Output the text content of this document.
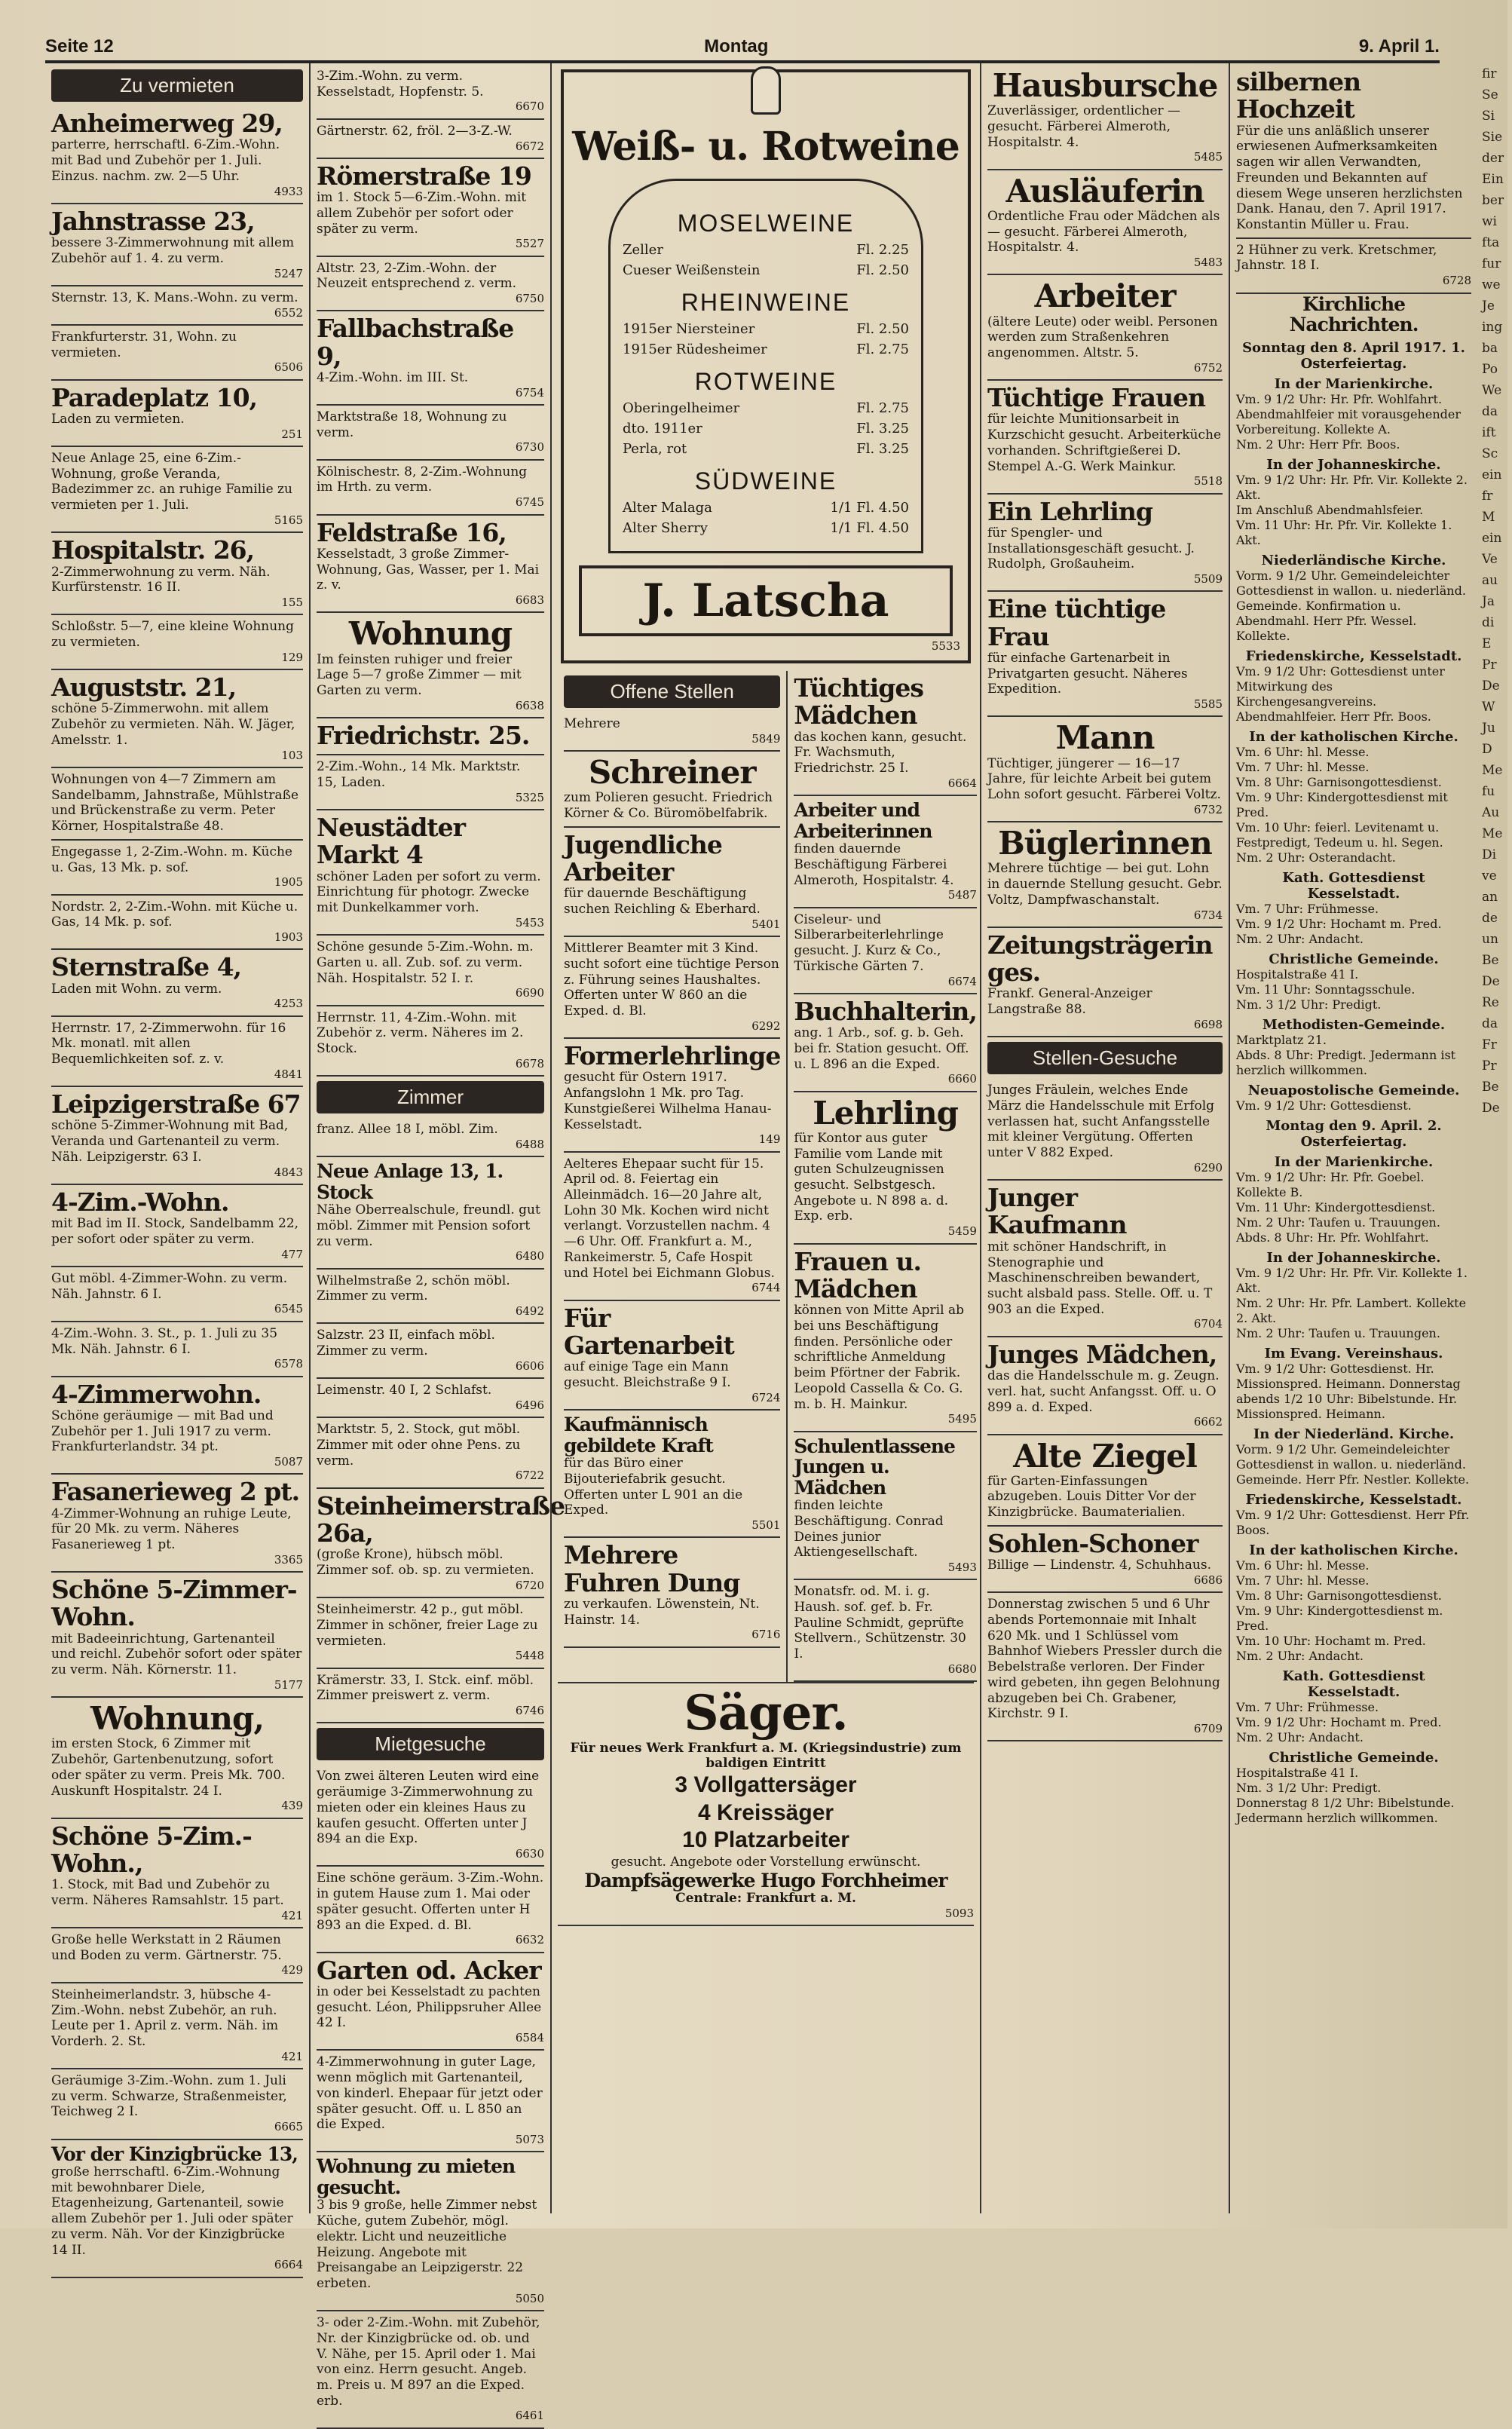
Seite 12	Montag	9. April 1.
Zu vermieten
Anheimerweg 29,
parterre, herrschaftl. 6-Zim.-Wohn. mit Bad und Zubehör per 1. Juli. Einzus. nachm. zw. 2—5 Uhr.
4933
Jahnstrasse 23,
bessere 3-Zimmerwohnung mit allem Zubehör auf 1. 4. zu verm.
5247
Sternstr. 13, K. Mans.-Wohn. zu verm.
6552
Frankfurterstr. 31, Wohn. zu vermieten.
6506
Paradeplatz 10,
Laden zu vermieten.
251
Neue Anlage 25, eine 6-Zim.-Wohnung, große Veranda, Badezimmer zc. an ruhige Familie zu vermieten per 1. Juli.
5165
Hospitalstr. 26,
2-Zimmerwohnung zu verm. Näh. Kurfürstenstr. 16 II.
155
Schloßstr. 5—7, eine kleine Wohnung zu vermieten.
129
Auguststr. 21,
schöne 5-Zimmerwohn. mit allem Zubehör zu vermieten. Näh. W. Jäger, Amelsstr. 1.
103
Wohnungen von 4—7 Zimmern am Sandelbamm, Jahnstraße, Mühlstraße und Brückenstraße zu verm. Peter Körner, Hospitalstraße 48.
Engegasse 1, 2-Zim.-Wohn. m. Küche u. Gas, 13 Mk. p. sof.
1905
Nordstr. 2, 2-Zim.-Wohn. mit Küche u. Gas, 14 Mk. p. sof.
1903
Sternstraße 4,
Laden mit Wohn. zu verm.
4253
Herrnstr. 17, 2-Zimmerwohn. für 16 Mk. monatl. mit allen Bequemlichkeiten sof. z. v.
4841
Leipzigerstraße 67
schöne 5-Zimmer-Wohnung mit Bad, Veranda und Gartenanteil zu verm. Näh. Leipzigerstr. 63 I.
4843
4-Zim.-Wohn.
mit Bad im II. Stock, Sandelbamm 22, per sofort oder später zu verm.
477
Gut möbl. 4-Zimmer-Wohn. zu verm. Näh. Jahnstr. 6 I.
6545
4-Zim.-Wohn. 3. St., p. 1. Juli zu 35 Mk. Näh. Jahnstr. 6 I.
6578
4-Zimmerwohn.
Schöne geräumige — mit Bad und Zubehör per 1. Juli 1917 zu verm. Frankfurterlandstr. 34 pt.
5087
Fasanerieweg 2 pt.
4-Zimmer-Wohnung an ruhige Leute, für 20 Mk. zu verm. Näheres Fasanerieweg 1 pt.
3365
Schöne 5-Zimmer-Wohn.
mit Badeeinrichtung, Gartenanteil und reichl. Zubehör sofort oder später zu verm. Näh. Körnerstr. 11.
5177
Wohnung,
im ersten Stock, 6 Zimmer mit Zubehör, Gartenbenutzung, sofort oder später zu verm. Preis Mk. 700. Auskunft Hospitalstr. 24 I.
439
Schöne 5-Zim.-Wohn.,
1. Stock, mit Bad und Zubehör zu verm. Näheres Ramsahlstr. 15 part.
421
Große helle Werkstatt in 2 Räumen und Boden zu verm. Gärtnerstr. 75.
429
Steinheimerlandstr. 3, hübsche 4-Zim.-Wohn. nebst Zubehör, an ruh. Leute per 1. April z. verm. Näh. im Vorderh. 2. St.
421
Geräumige 3-Zim.-Wohn. zum 1. Juli zu verm. Schwarze, Straßenmeister, Teichweg 2 I.
6665
Vor der Kinzigbrücke 13,
große herrschaftl. 6-Zim.-Wohnung mit bewohnbarer Diele, Etagenheizung, Gartenanteil, sowie allem Zubehör per 1. Juli oder später zu verm. Näh. Vor der Kinzigbrücke 14 II.
6664
3-Zim.-Wohn. zu verm. Kesselstadt, Hopfenstr. 5.
6670
Gärtnerstr. 62, fröl. 2—3-Z.-W.
6672
Römerstraße 19
im 1. Stock 5—6-Zim.-Wohn. mit allem Zubehör per sofort oder später zu verm.
5527
Altstr. 23, 2-Zim.-Wohn. der Neuzeit entsprechend z. verm.
6750
Fallbachstraße 9,
4-Zim.-Wohn. im III. St.
6754
Marktstraße 18, Wohnung zu verm.
6730
Kölnischestr. 8, 2-Zim.-Wohnung im Hrth. zu verm.
6745
Feldstraße 16,
Kesselstadt, 3 große Zimmer-Wohnung, Gas, Wasser, per 1. Mai z. v.
6683
Wohnung
Im feinsten ruhiger und freier Lage 5—7 große Zimmer — mit Garten zu verm.
6638
Friedrichstr. 25.
2-Zim.-Wohn., 14 Mk. Marktstr. 15, Laden.
5325
Neustädter Markt 4
schöner Laden per sofort zu verm. Einrichtung für photogr. Zwecke mit Dunkelkammer vorh.
5453
Schöne gesunde 5-Zim.-Wohn. m. Garten u. all. Zub. sof. zu verm. Näh. Hospitalstr. 52 I. r.
6690
Herrnstr. 11, 4-Zim.-Wohn. mit Zubehör z. verm. Näheres im 2. Stock.
6678
Zimmer
franz. Allee 18 I, möbl. Zim.
6488
Neue Anlage 13, 1. Stock
Nähe Oberrealschule, freundl. gut möbl. Zimmer mit Pension sofort zu verm.
6480
Wilhelmstraße 2, schön möbl. Zimmer zu verm.
6492
Salzstr. 23 II, einfach möbl. Zimmer zu verm.
6606
Leimenstr. 40 I, 2 Schlafst.
6496
Marktstr. 5, 2. Stock, gut möbl. Zimmer mit oder ohne Pens. zu verm.
6722
Steinheimerstraße 26a,
(große Krone), hübsch möbl. Zimmer sof. ob. sp. zu vermieten.
6720
Steinheimerstr. 42 p., gut möbl. Zimmer in schöner, freier Lage zu vermieten.
5448
Krämerstr. 33, I. Stck. einf. möbl. Zimmer preiswert z. verm.
6746
Mietgesuche
Von zwei älteren Leuten wird eine geräumige 3-Zimmerwohnung zu mieten oder ein kleines Haus zu kaufen gesucht. Offerten unter J 894 an die Exp.
6630
Eine schöne geräum. 3-Zim.-Wohn. in gutem Hause zum 1. Mai oder später gesucht. Offerten unter H 893 an die Exped. d. Bl.
6632
Garten od. Acker
in oder bei Kesselstadt zu pachten gesucht. Léon, Philippsruher Allee 42 I.
6584
4-Zimmerwohnung in guter Lage, wenn möglich mit Gartenanteil, von kinderl. Ehepaar für jetzt oder später gesucht. Off. u. L 850 an die Exped.
5073
Wohnung zu mieten gesucht.
3 bis 9 große, helle Zimmer nebst Küche, gutem Zubehör, mögl. elektr. Licht und neuzeitliche Heizung. Angebote mit Preisangabe an Leipzigerstr. 22 erbeten.
5050
3- oder 2-Zim.-Wohn. mit Zubehör, Nr. der Kinzigbrücke od. ob. und V. Nähe, per 15. April oder 1. Mai von einz. Herrn gesucht. Angeb. m. Preis u. M 897 an die Exped. erb.
6461
Weiß- u. Rotweine
MOSELWEINE
Zeller	Fl. 2.25
Cueser Weißenstein	Fl. 2.50
RHEINWEINE
1915er Niersteiner	Fl. 2.50
1915er Rüdesheimer	Fl. 2.75
ROTWEINE
Oberingelheimer	Fl. 2.75
dto. 1911er	Fl. 3.25
Perla, rot	Fl. 3.25
SÜDWEINE
Alter Malaga	1/1 Fl. 4.50
Alter Sherry	1/1 Fl. 4.50
J. Latscha
5533
Offene Stellen
Mehrere
5849
Schreiner
zum Polieren gesucht. Friedrich Körner & Co. Büromöbelfabrik.
Jugendliche Arbeiter
für dauernde Beschäftigung suchen Reichling & Eberhard.
5401
Mittlerer Beamter mit 3 Kind. sucht sofort eine tüchtige Person z. Führung seines Haushaltes. Offerten unter W 860 an die Exped. d. Bl.
6292
Formerlehrlinge
gesucht für Ostern 1917. Anfangslohn 1 Mk. pro Tag. Kunstgießerei Wilhelma Hanau-Kesselstadt.
149
Aelteres Ehepaar sucht für 15. April od. 8. Feiertag ein Alleinmädch. 16—20 Jahre alt, Lohn 30 Mk. Kochen wird nicht verlangt. Vorzustellen nachm. 4—6 Uhr. Off. Frankfurt a. M., Rankeimerstr. 5, Cafe Hospit und Hotel bei Eichmann Globus.
6744
Für Gartenarbeit
auf einige Tage ein Mann gesucht. Bleichstraße 9 I.
6724
Kaufmännisch gebildete Kraft
für das Büro einer Bijouteriefabrik gesucht. Offerten unter L 901 an die Exped.
5501
Mehrere Fuhren Dung
zu verkaufen. Löwenstein, Nt. Hainstr. 14.
6716
Tüchtiges Mädchen
das kochen kann, gesucht. Fr. Wachsmuth, Friedrichstr. 25 I.
6664
Arbeiter und Arbeiterinnen
finden dauernde Beschäftigung Färberei Almeroth, Hospitalstr. 4.
5487
Ciseleur- und Silberarbeiterlehrlinge gesucht. J. Kurz & Co., Türkische Gärten 7.
6674
Buchhalterin,
ang. 1 Arb., sof. g. b. Geh. bei fr. Station gesucht. Off. u. L 896 an die Exped.
6660
Lehrling
für Kontor aus guter Familie vom Lande mit guten Schulzeugnissen gesucht. Selbstgesch. Angebote u. N 898 a. d. Exp. erb.
5459
Frauen u. Mädchen
können von Mitte April ab bei uns Beschäftigung finden. Persönliche oder schriftliche Anmeldung beim Pförtner der Fabrik. Leopold Cassella & Co. G. m. b. H. Mainkur.
5495
Schulentlassene Jungen u. Mädchen
finden leichte Beschäftigung. Conrad Deines junior Aktiengesellschaft.
5493
Monatsfr. od. M. i. g. Haush. sof. gef. b. Fr. Pauline Schmidt, geprüfte Stellvern., Schützenstr. 30 I.
6680
Säger.
Für neues Werk Frankfurt a. M. (Kriegsindustrie) zum baldigen Eintritt
3 Vollgattersäger
4 Kreissäger
10 Platzarbeiter
gesucht. Angebote oder Vorstellung erwünscht.
Dampfsägewerke Hugo Forchheimer
Centrale: Frankfurt a. M.
5093
Hausbursche
Zuverlässiger, ordentlicher — gesucht. Färberei Almeroth, Hospitalstr. 4.
5485
Ausläuferin
Ordentliche Frau oder Mädchen als — gesucht. Färberei Almeroth, Hospitalstr. 4.
5483
Arbeiter
(ältere Leute) oder weibl. Personen werden zum Straßenkehren angenommen. Altstr. 5.
6752
Tüchtige Frauen
für leichte Munitionsarbeit in Kurzschicht gesucht. Arbeiterküche vorhanden. Schriftgießerei D. Stempel A.-G. Werk Mainkur.
5518
Ein Lehrling
für Spengler- und Installationsgeschäft gesucht. J. Rudolph, Großauheim.
5509
Eine tüchtige Frau
für einfache Gartenarbeit in Privatgarten gesucht. Näheres Expedition.
5585
Mann
Tüchtiger, jüngerer — 16—17 Jahre, für leichte Arbeit bei gutem Lohn sofort gesucht. Färberei Voltz.
6732
Büglerinnen
Mehrere tüchtige — bei gut. Lohn in dauernde Stellung gesucht. Gebr. Voltz, Dampfwaschanstalt.
6734
Zeitungsträgerin ges.
Frankf. General-Anzeiger Langstraße 88.
6698
Stellen-Gesuche
Junges Fräulein, welches Ende März die Handelsschule mit Erfolg verlassen hat, sucht Anfangsstelle mit kleiner Vergütung. Offerten unter V 882 Exped.
6290
Junger Kaufmann
mit schöner Handschrift, in Stenographie und Maschinenschreiben bewandert, sucht alsbald pass. Stelle. Off. u. T 903 an die Exped.
6704
Junges Mädchen,
das die Handelsschule m. g. Zeugn. verl. hat, sucht Anfangsst. Off. u. O 899 a. d. Exped.
6662
Alte Ziegel
für Garten-Einfassungen abzugeben. Louis Ditter Vor der Kinzigbrücke. Baumaterialien.
Sohlen-Schoner
Billige — Lindenstr. 4, Schuhhaus.
6686
Donnerstag zwischen 5 und 6 Uhr abends Portemonnaie mit Inhalt 620 Mk. und 1 Schlüssel vom Bahnhof Wiebers Pressler durch die Bebelstraße verloren. Der Finder wird gebeten, ihn gegen Belohnung abzugeben bei Ch. Grabener, Kirchstr. 9 I.
6709
silbernen Hochzeit
Für die uns anläßlich unserer erwiesenen Aufmerksamkeiten sagen wir allen Verwandten, Freunden und Bekannten auf diesem Wege unseren herzlichsten Dank. Hanau, den 7. April 1917. Konstantin Müller u. Frau.
2 Hühner zu verk. Kretschmer, Jahnstr. 18 I.
6728
Kirchliche Nachrichten.
Sonntag den 8. April 1917. 1. Osterfeiertag.
In der Marienkirche.
Vm. 9 1/2 Uhr: Hr. Pfr. Wohlfahrt. Abendmahlfeier mit vorausgehender Vorbereitung. Kollekte A.
Nm. 2 Uhr: Herr Pfr. Boos.
In der Johanneskirche.
Vm. 9 1/2 Uhr: Hr. Pfr. Vir. Kollekte 2. Akt.
Im Anschluß Abendmahlsfeier.
Vm. 11 Uhr: Hr. Pfr. Vir. Kollekte 1. Akt.
Niederländische Kirche.
Vorm. 9 1/2 Uhr. Gemeindeleichter Gottesdienst in wallon. u. niederländ. Gemeinde. Konfirmation u. Abendmahl. Herr Pfr. Wessel. Kollekte.
Friedenskirche, Kesselstadt.
Vm. 9 1/2 Uhr: Gottesdienst unter Mitwirkung des Kirchengesangvereins. Abendmahlfeier. Herr Pfr. Boos.
In der katholischen Kirche.
Vm. 6 Uhr: hl. Messe.
Vm. 7 Uhr: hl. Messe.
Vm. 8 Uhr: Garnisongottesdienst.
Vm. 9 Uhr: Kindergottesdienst mit Pred.
Vm. 10 Uhr: feierl. Levitenamt u. Festpredigt, Tedeum u. hl. Segen.
Nm. 2 Uhr: Osterandacht.
Kath. Gottesdienst Kesselstadt.
Vm. 7 Uhr: Frühmesse.
Vm. 9 1/2 Uhr: Hochamt m. Pred.
Nm. 2 Uhr: Andacht.
Christliche Gemeinde.
Hospitalstraße 41 I.
Vm. 11 Uhr: Sonntagsschule.
Nm. 3 1/2 Uhr: Predigt.
Methodisten-Gemeinde.
Marktplatz 21.
Abds. 8 Uhr: Predigt. Jedermann ist herzlich willkommen.
Neuapostolische Gemeinde.
Vm. 9 1/2 Uhr: Gottesdienst.
Montag den 9. April. 2. Osterfeiertag.
In der Marienkirche.
Vm. 9 1/2 Uhr: Hr. Pfr. Goebel. Kollekte B.
Vm. 11 Uhr: Kindergottesdienst.
Nm. 2 Uhr: Taufen u. Trauungen.
Abds. 8 Uhr: Hr. Pfr. Wohlfahrt.
In der Johanneskirche.
Vm. 9 1/2 Uhr: Hr. Pfr. Vir. Kollekte 1. Akt.
Nm. 2 Uhr: Hr. Pfr. Lambert. Kollekte 2. Akt.
Nm. 2 Uhr: Taufen u. Trauungen.
Im Evang. Vereinshaus.
Vm. 9 1/2 Uhr: Gottesdienst. Hr. Missionspred. Heimann. Donnerstag abends 1/2 10 Uhr: Bibelstunde. Hr. Missionspred. Heimann.
In der Niederländ. Kirche.
Vorm. 9 1/2 Uhr. Gemeindeleichter Gottesdienst in wallon. u. niederländ. Gemeinde. Herr Pfr. Nestler. Kollekte.
Friedenskirche, Kesselstadt.
Vm. 9 1/2 Uhr: Gottesdienst. Herr Pfr. Boos.
In der katholischen Kirche.
Vm. 6 Uhr: hl. Messe.
Vm. 7 Uhr: hl. Messe.
Vm. 8 Uhr: Garnisongottesdienst.
Vm. 9 Uhr: Kindergottesdienst m. Pred.
Vm. 10 Uhr: Hochamt m. Pred.
Nm. 2 Uhr: Andacht.
Kath. Gottesdienst Kesselstadt.
Vm. 7 Uhr: Frühmesse.
Vm. 9 1/2 Uhr: Hochamt m. Pred.
Nm. 2 Uhr: Andacht.
Christliche Gemeinde.
Hospitalstraße 41 I.
Nm. 3 1/2 Uhr: Predigt.
Donnerstag 8 1/2 Uhr: Bibelstunde. Jedermann herzlich willkommen.
fir
Se
Si
Sie
der
Ein
ber
wi
fta
fur
we
Je
ing
ba
Po
We
da
ift
Sc
ein
fr
M
ein
Ve
au
Ja
di
E
Pr
De
W
Ju
D
Me
fu
Au
Me
Di
ve
an
de
un
Be
De
Re
da
Fr
Pr
Be
De
